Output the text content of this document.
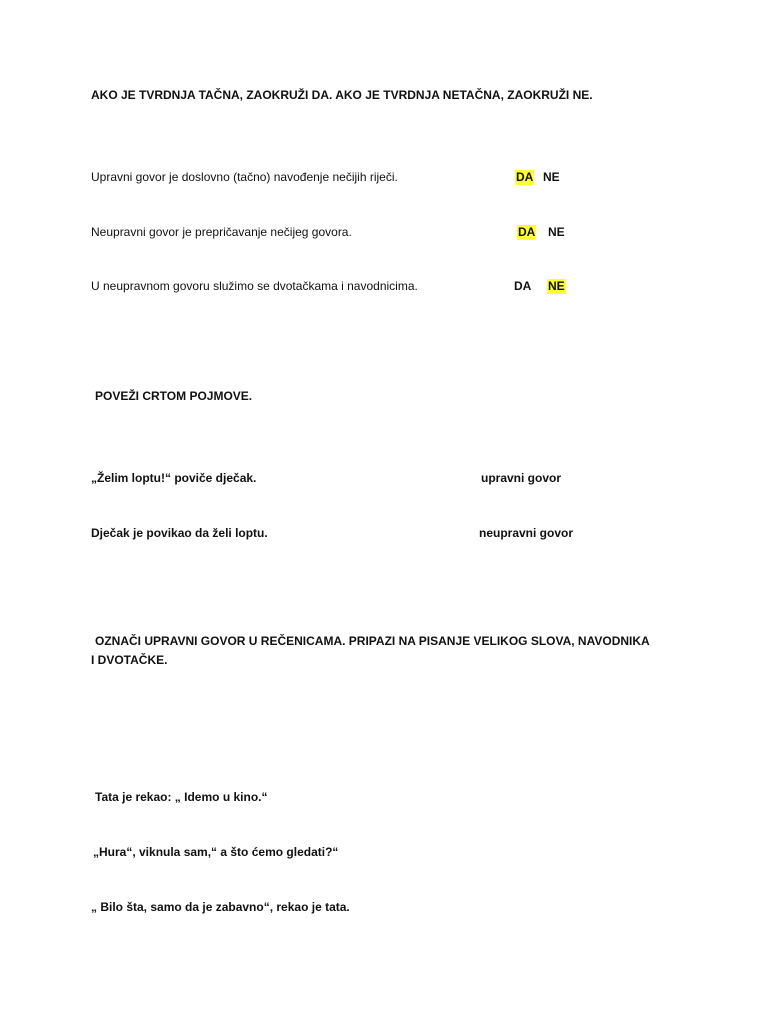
AKO JE TVRDNJA TAČNA, ZAOKRUŽI DA. AKO JE TVRDNJA NETAČNA, ZAOKRUŽI NE.
Upravni govor je doslovno (tačno) navođenje nečijih riječi.	DA NE
Neupravni govor je prepričavanje nečijeg govora.	DA NE
U neupravnom govoru služimo se dvotačkama i navodnicima.	DA NE
POVEŽI CRTOM POJMOVE.
„Želim loptu!“ poviče dječak.	upravni govor
Dječak je povikao da želi loptu.	neupravni govor
OZNAČI UPRAVNI GOVOR U REČENICAMA. PRIPAZI NA PISANJE VELIKOG SLOVA, NAVODNIKA I DVOTAČKE.
Tata je rekao: „ Idemo u kino.“
„Hura“, viknula sam,“ a što ćemo gledati?“
„ Bilo šta, samo da je zabavno“, rekao je tata.
